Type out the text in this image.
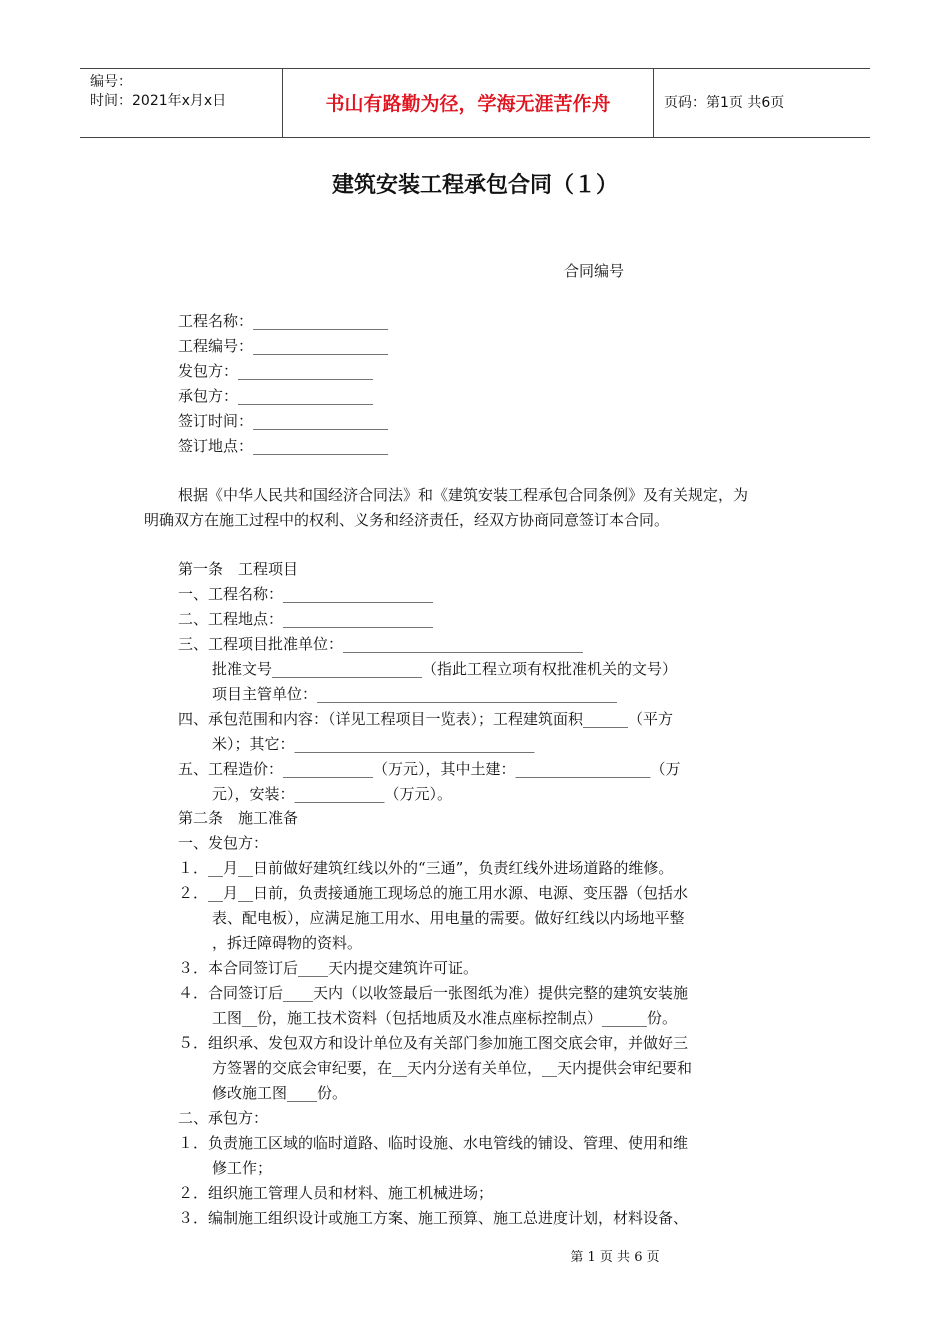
编号：
时间：2021年x月x日	书山有路勤为径，学海无涯苦作舟	页码：第1页 共6页
建筑安装工程承包合同（１）
合同编号
工程名称：__________________
工程编号：__________________
发包方：__________________
承包方：__________________
签订时间：__________________
签订地点：__________________
根据《中华人民共和国经济合同法》和《建筑安装工程承包合同条例》及有关规定，为明确双方在施工过程中的权利、义务和经济责任，经双方协商同意签订本合同。
第一条　工程项目
一、工程名称：____________________
二、工程地点：____________________
三、工程项目批准单位：________________________________
批准文号____________________（指此工程立项有权批准机关的文号）
项目主管单位：________________________________________
四、承包范围和内容：（详见工程项目一览表）；工程建筑面积______（平方
米）；其它：________________________________
五、工程造价：____________（万元），其中土建：__________________（万
元），安装：____________（万元）。
第二条　施工准备
一、发包方：
１．__月__日前做好建筑红线以外的“三通”，负责红线外进场道路的维修。
２．__月__日前，负责接通施工现场总的施工用水源、电源、变压器（包括水
表、配电板），应满足施工用水、用电量的需要。做好红线以内场地平整
，拆迁障碍物的资料。
３．本合同签订后____天内提交建筑许可证。
４．合同签订后____天内（以收签最后一张图纸为准）提供完整的建筑安装施
工图__份，施工技术资料（包括地质及水准点座标控制点）______份。
５．组织承、发包双方和设计单位及有关部门参加施工图交底会审，并做好三
方签署的交底会审纪要，在__天内分送有关单位，__天内提供会审纪要和
修改施工图____份。
二、承包方：
１．负责施工区域的临时道路、临时设施、水电管线的铺设、管理、使用和维
修工作；
２．组织施工管理人员和材料、施工机械进场；
３．编制施工组织设计或施工方案、施工预算、施工总进度计划，材料设备、
第 1 页 共 6 页
